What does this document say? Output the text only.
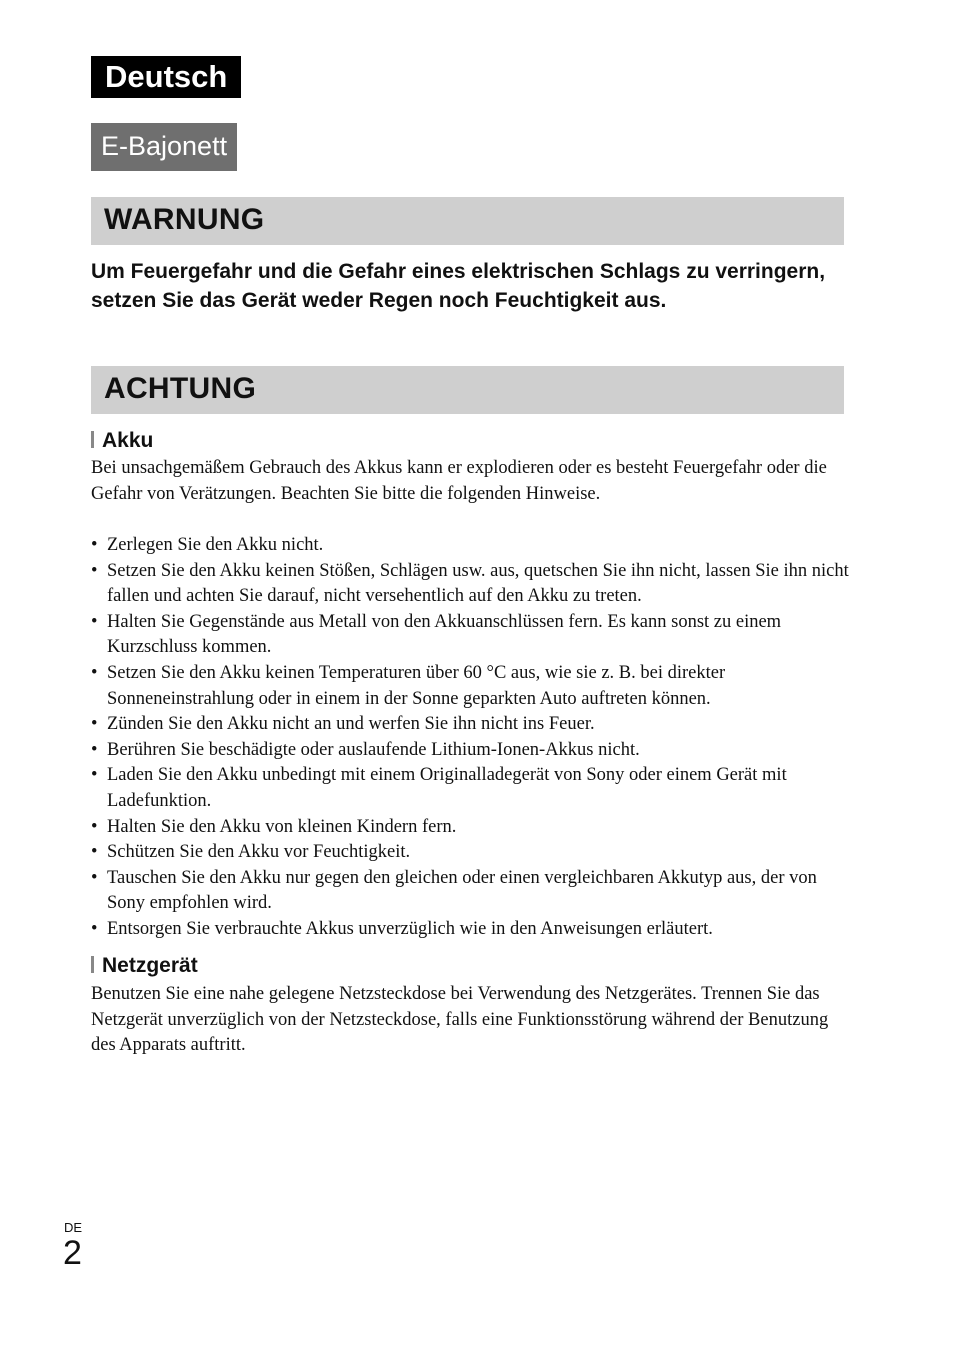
Deutsch
E-Bajonett
WARNUNG

Um Feuergefahr und die Gefahr eines elektrischen Schlags zu verringern, setzen Sie das Gerät weder Regen noch Feuchtigkeit aus.

ACHTUNG
Akku

Bei unsachgemäßem Gebrauch des Akkus kann er explodieren oder es besteht Feuergefahr oder die Gefahr von Verätzungen. Beachten Sie bitte die folgenden Hinweise.

• Zerlegen Sie den Akku nicht.
• Setzen Sie den Akku keinen Stößen, Schlägen usw. aus, quetschen Sie ihn nicht, lassen Sie ihn nicht fallen und achten Sie darauf, nicht versehentlich auf den Akku zu treten.
• Halten Sie Gegenstände aus Metall von den Akkuanschlüssen fern. Es kann sonst zu einem Kurzschluss kommen.
• Setzen Sie den Akku keinen Temperaturen über 60 °C aus, wie sie z. B. bei direkter Sonneneinstrahlung oder in einem in der Sonne geparkten Auto auftreten können.
• Zünden Sie den Akku nicht an und werfen Sie ihn nicht ins Feuer.
• Berühren Sie beschädigte oder auslaufende Lithium-Ionen-Akkus nicht.
• Laden Sie den Akku unbedingt mit einem Originalladegerät von Sony oder einem Gerät mit Ladefunktion.
• Halten Sie den Akku von kleinen Kindern fern.
• Schützen Sie den Akku vor Feuchtigkeit.
• Tauschen Sie den Akku nur gegen den gleichen oder einen vergleichbaren Akkutyp aus, der von Sony empfohlen wird.
• Entsorgen Sie verbrauchte Akkus unverzüglich wie in den Anweisungen erläutert.
Netzgerät

Benutzen Sie eine nahe gelegene Netzsteckdose bei Verwendung des Netzgerätes. Trennen Sie das Netzgerät unverzüglich von der Netzsteckdose, falls eine Funktionsstörung während der Benutzung des Apparats auftritt.

DE
2
